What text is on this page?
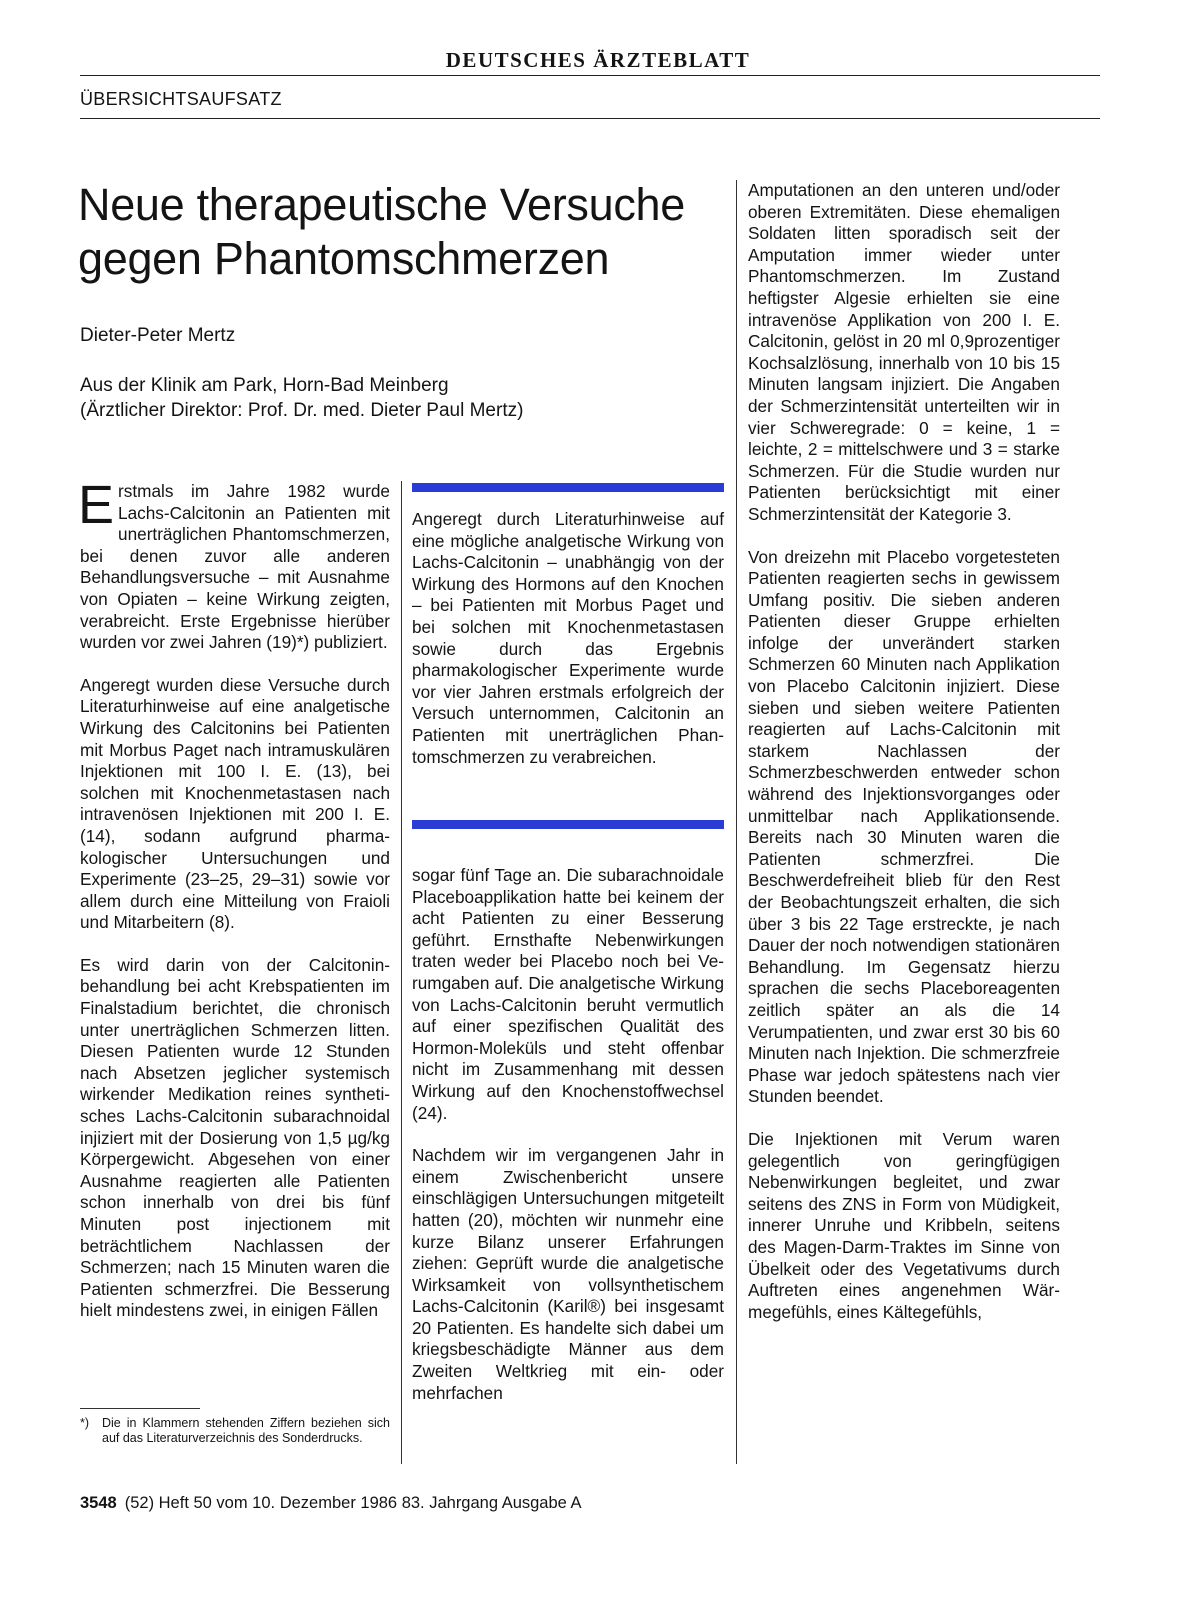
DEUTSCHES ÄRZTEBLATT
ÜBERSICHTSAUFSATZ
Neue therapeutische Versuche
gegen Phantomschmerzen
Dieter-Peter Mertz
Aus der Klinik am Park, Horn-Bad Meinberg
(Ärztlicher Direktor: Prof. Dr. med. Dieter Paul Mertz)

Erstmals im Jahre 1982 wurde Lachs-Calcitonin an Patienten mit unerträglichen Phantomschmerzen, bei denen zuvor alle anderen Behandlungsversuche – mit Ausnahme von Opiaten – keine Wirkung zeigten, verabreicht. Erste Ergebnisse hierüber wurden vor zwei Jahren (19)*) publiziert.

Angeregt wurden diese Versuche durch Literaturhinweise auf eine analgetische Wirkung des Calcitonins bei Patienten mit Morbus Paget nach intramuskulären Injektionen mit 100 I. E. (13), bei solchen mit Knochenmetastasen nach intravenösen Injektionen mit 200 I. E. (14), sodann aufgrund pharmakologischer Untersuchungen und Experimente (23–25, 29–31) sowie vor allem durch eine Mitteilung von Fraioli und Mitarbeitern (8).

Es wird darin von der Calcitoninbehandlung bei acht Krebspatienten im Finalstadium berichtet, die chronisch unter unerträglichen Schmerzen litten. Diesen Patienten wurde 12 Stunden nach Absetzen jeglicher systemisch wirkender Medikation reines synthetisches Lachs-Calcitonin subarachnoidal injiziert mit der Dosierung von 1,5 µg/kg Körpergewicht. Abgesehen von einer Ausnahme reagierten alle Patienten schon innerhalb von drei bis fünf Minuten post injectionem mit beträchtlichem Nachlassen der Schmerzen; nach 15 Minuten waren die Patienten schmerzfrei. Die Besserung hielt mindestens zwei, in einigen Fällen

Angeregt durch Literaturhinweise auf eine mögliche analgetische Wirkung von Lachs-Calcitonin – unabhängig von der Wirkung des Hormons auf den Knochen – bei Patienten mit Morbus Paget und bei solchen mit Knochenmetastasen sowie durch das Ergebnis pharmakologischer Experimente wurde vor vier Jahren erstmals erfolgreich der Versuch unternommen, Calcitonin an Patienten mit unerträglichen Phantomschmerzen zu verabreichen.

sogar fünf Tage an. Die subarachnoidale Placeboapplikation hatte bei keinem der acht Patienten zu einer Besserung geführt. Ernsthafte Nebenwirkungen traten weder bei Placebo noch bei Verumgaben auf. Die analgetische Wirkung von Lachs-Calcitonin beruht vermutlich auf einer spezifischen Qualität des Hormon-Moleküls und steht offenbar nicht im Zusammenhang mit dessen Wirkung auf den Knochenstoffwechsel (24).

Nachdem wir im vergangenen Jahr in einem Zwischenbericht unsere einschlägigen Untersuchungen mitgeteilt hatten (20), möchten wir nunmehr eine kurze Bilanz unserer Erfahrungen ziehen: Geprüft wurde die analgetische Wirksamkeit von vollsynthetischem Lachs-Calcitonin (Karil®) bei insgesamt 20 Patienten. Es handelte sich dabei um kriegsbeschädigte Männer aus dem Zweiten Weltkrieg mit ein- oder mehrfachen

Amputationen an den unteren und/oder oberen Extremitäten. Diese ehemaligen Soldaten litten sporadisch seit der Amputation immer wieder unter Phantomschmerzen. Im Zustand heftigster Algesie erhielten sie eine intravenöse Applikation von 200 I. E. Calcitonin, gelöst in 20 ml 0,9prozentiger Kochsalzlösung, innerhalb von 10 bis 15 Minuten langsam injiziert. Die Angaben der Schmerzintensität unterteilten wir in vier Schweregrade: 0 = keine, 1 = leichte, 2 = mittelschwere und 3 = starke Schmerzen. Für die Studie wurden nur Patienten berücksichtigt mit einer Schmerzintensität der Kategorie 3.

Von dreizehn mit Placebo vorgetesteten Patienten reagierten sechs in gewissem Umfang positiv. Die sieben anderen Patienten dieser Gruppe erhielten infolge der unverändert starken Schmerzen 60 Minuten nach Applikation von Placebo Calcitonin injiziert. Diese sieben und sieben weitere Patienten reagierten auf Lachs-Calcitonin mit starkem Nachlassen der Schmerzbeschwerden entweder schon während des Injektionsvorganges oder unmittelbar nach Applikationsende. Bereits nach 30 Minuten waren die Patienten schmerzfrei. Die Beschwerdefreiheit blieb für den Rest der Beobachtungszeit erhalten, die sich über 3 bis 22 Tage erstreckte, je nach Dauer der noch notwendigen stationären Behandlung. Im Gegensatz hierzu sprachen die sechs Placeboreagenten zeitlich später an als die 14 Verumpatienten, und zwar erst 30 bis 60 Minuten nach Injektion. Die schmerzfreie Phase war jedoch spätestens nach vier Stunden beendet.

Die Injektionen mit Verum waren gelegentlich von geringfügigen Nebenwirkungen begleitet, und zwar seitens des ZNS in Form von Müdigkeit, innerer Unruhe und Kribbeln, seitens des Magen-Darm-Traktes im Sinne von Übelkeit oder des Vegetativums durch Auftreten eines angenehmen Wärmegefühls, eines Kältegefühls,

*)	Die in Klammern stehenden Ziffern beziehen sich auf das Literaturverzeichnis des Sonderdrucks.
3548 (52) Heft 50 vom 10. Dezember 1986 83. Jahrgang Ausgabe A
